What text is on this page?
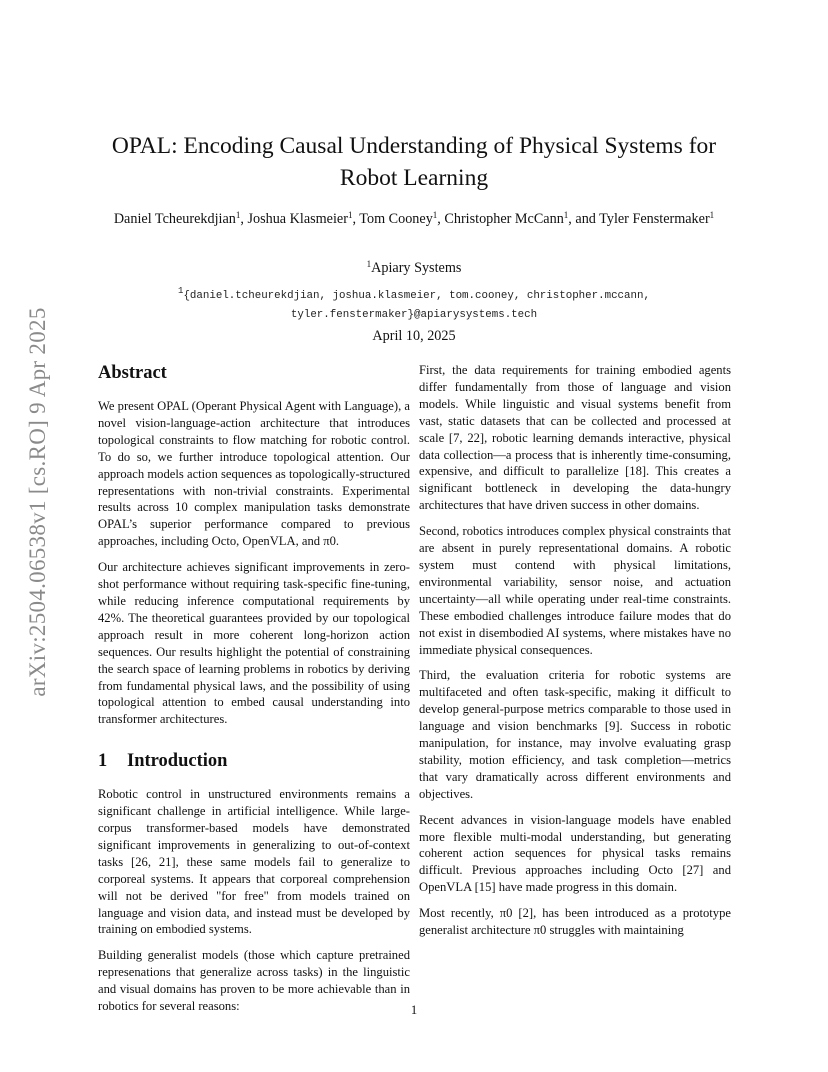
arXiv:2504.06538v1 [cs.RO] 9 Apr 2025
OPAL: Encoding Causal Understanding of Physical Systems for
Robot Learning
Daniel Tcheurekdjian$^1$, Joshua Klasmeier$^1$, Tom Cooney$^1$, Christopher McCann$^1$, and Tyler Fenstermaker$^1$
$^1$Apiary Systems
$^1${daniel.tcheurekdjian, joshua.klasmeier, tom.cooney, christopher.mccann,
tyler.fenstermaker}@apiarysystems.tech
April 10, 2025
Abstract

We present OPAL (Operant Physical Agent with Language), a novel vision-language-action architecture that introduces topological constraints to flow matching for robotic control. To do so, we further introduce topological attention. Our approach models action sequences as topologically-structured representations with non-trivial constraints. Experimental results across 10 complex manipulation tasks demonstrate OPAL’s superior performance compared to previous approaches, including Octo, OpenVLA, and π0.

Our architecture achieves significant improvements in zero-shot performance without requiring task-specific fine-tuning, while reducing inference computational requirements by 42%. The theoretical guarantees provided by our topological approach result in more coherent long-horizon action sequences. Our results highlight the potential of constraining the search space of learning problems in robotics by deriving from fundamental physical laws, and the possibility of using topological attention to embed causal understanding into transformer architectures.

1 Introduction

Robotic control in unstructured environments remains a significant challenge in artificial intelligence. While large-corpus transformer-based models have demonstrated significant improvements in generalizing to out-of-context tasks [26, 21], these same models fail to generalize to corporeal systems. It appears that corporeal comprehension will not be derived "for free" from models trained on language and vision data, and instead must be developed by training on embodied systems.

Building generalist models (those which capture pretrained represenations that generalize across tasks) in the linguistic and visual domains has proven to be more achievable than in robotics for several reasons:

First, the data requirements for training embodied agents differ fundamentally from those of language and vision models. While linguistic and visual systems benefit from vast, static datasets that can be collected and processed at scale [7, 22], robotic learning demands interactive, physical data collection—a process that is inherently time-consuming, expensive, and difficult to parallelize [18]. This creates a significant bottleneck in developing the data-hungry architectures that have driven success in other domains.

Second, robotics introduces complex physical constraints that are absent in purely representational domains. A robotic system must contend with physical limitations, environmental variability, sensor noise, and actuation uncertainty—all while operating under real-time constraints. These embodied challenges introduce failure modes that do not exist in disembodied AI systems, where mistakes have no immediate physical consequences.

Third, the evaluation criteria for robotic systems are multifaceted and often task-specific, making it difficult to develop general-purpose metrics comparable to those used in language and vision benchmarks [9]. Success in robotic manipulation, for instance, may involve evaluating grasp stability, motion efficiency, and task completion—metrics that vary dramatically across different environments and objectives.

Recent advances in vision-language models have enabled more flexible multi-modal understanding, but generating coherent action sequences for physical tasks remains difficult. Previous approaches including Octo [27] and OpenVLA [15] have made progress in this domain.

Most recently, π0 [2], has been introduced as a prototype generalist architecture π0 struggles with maintaining

1
